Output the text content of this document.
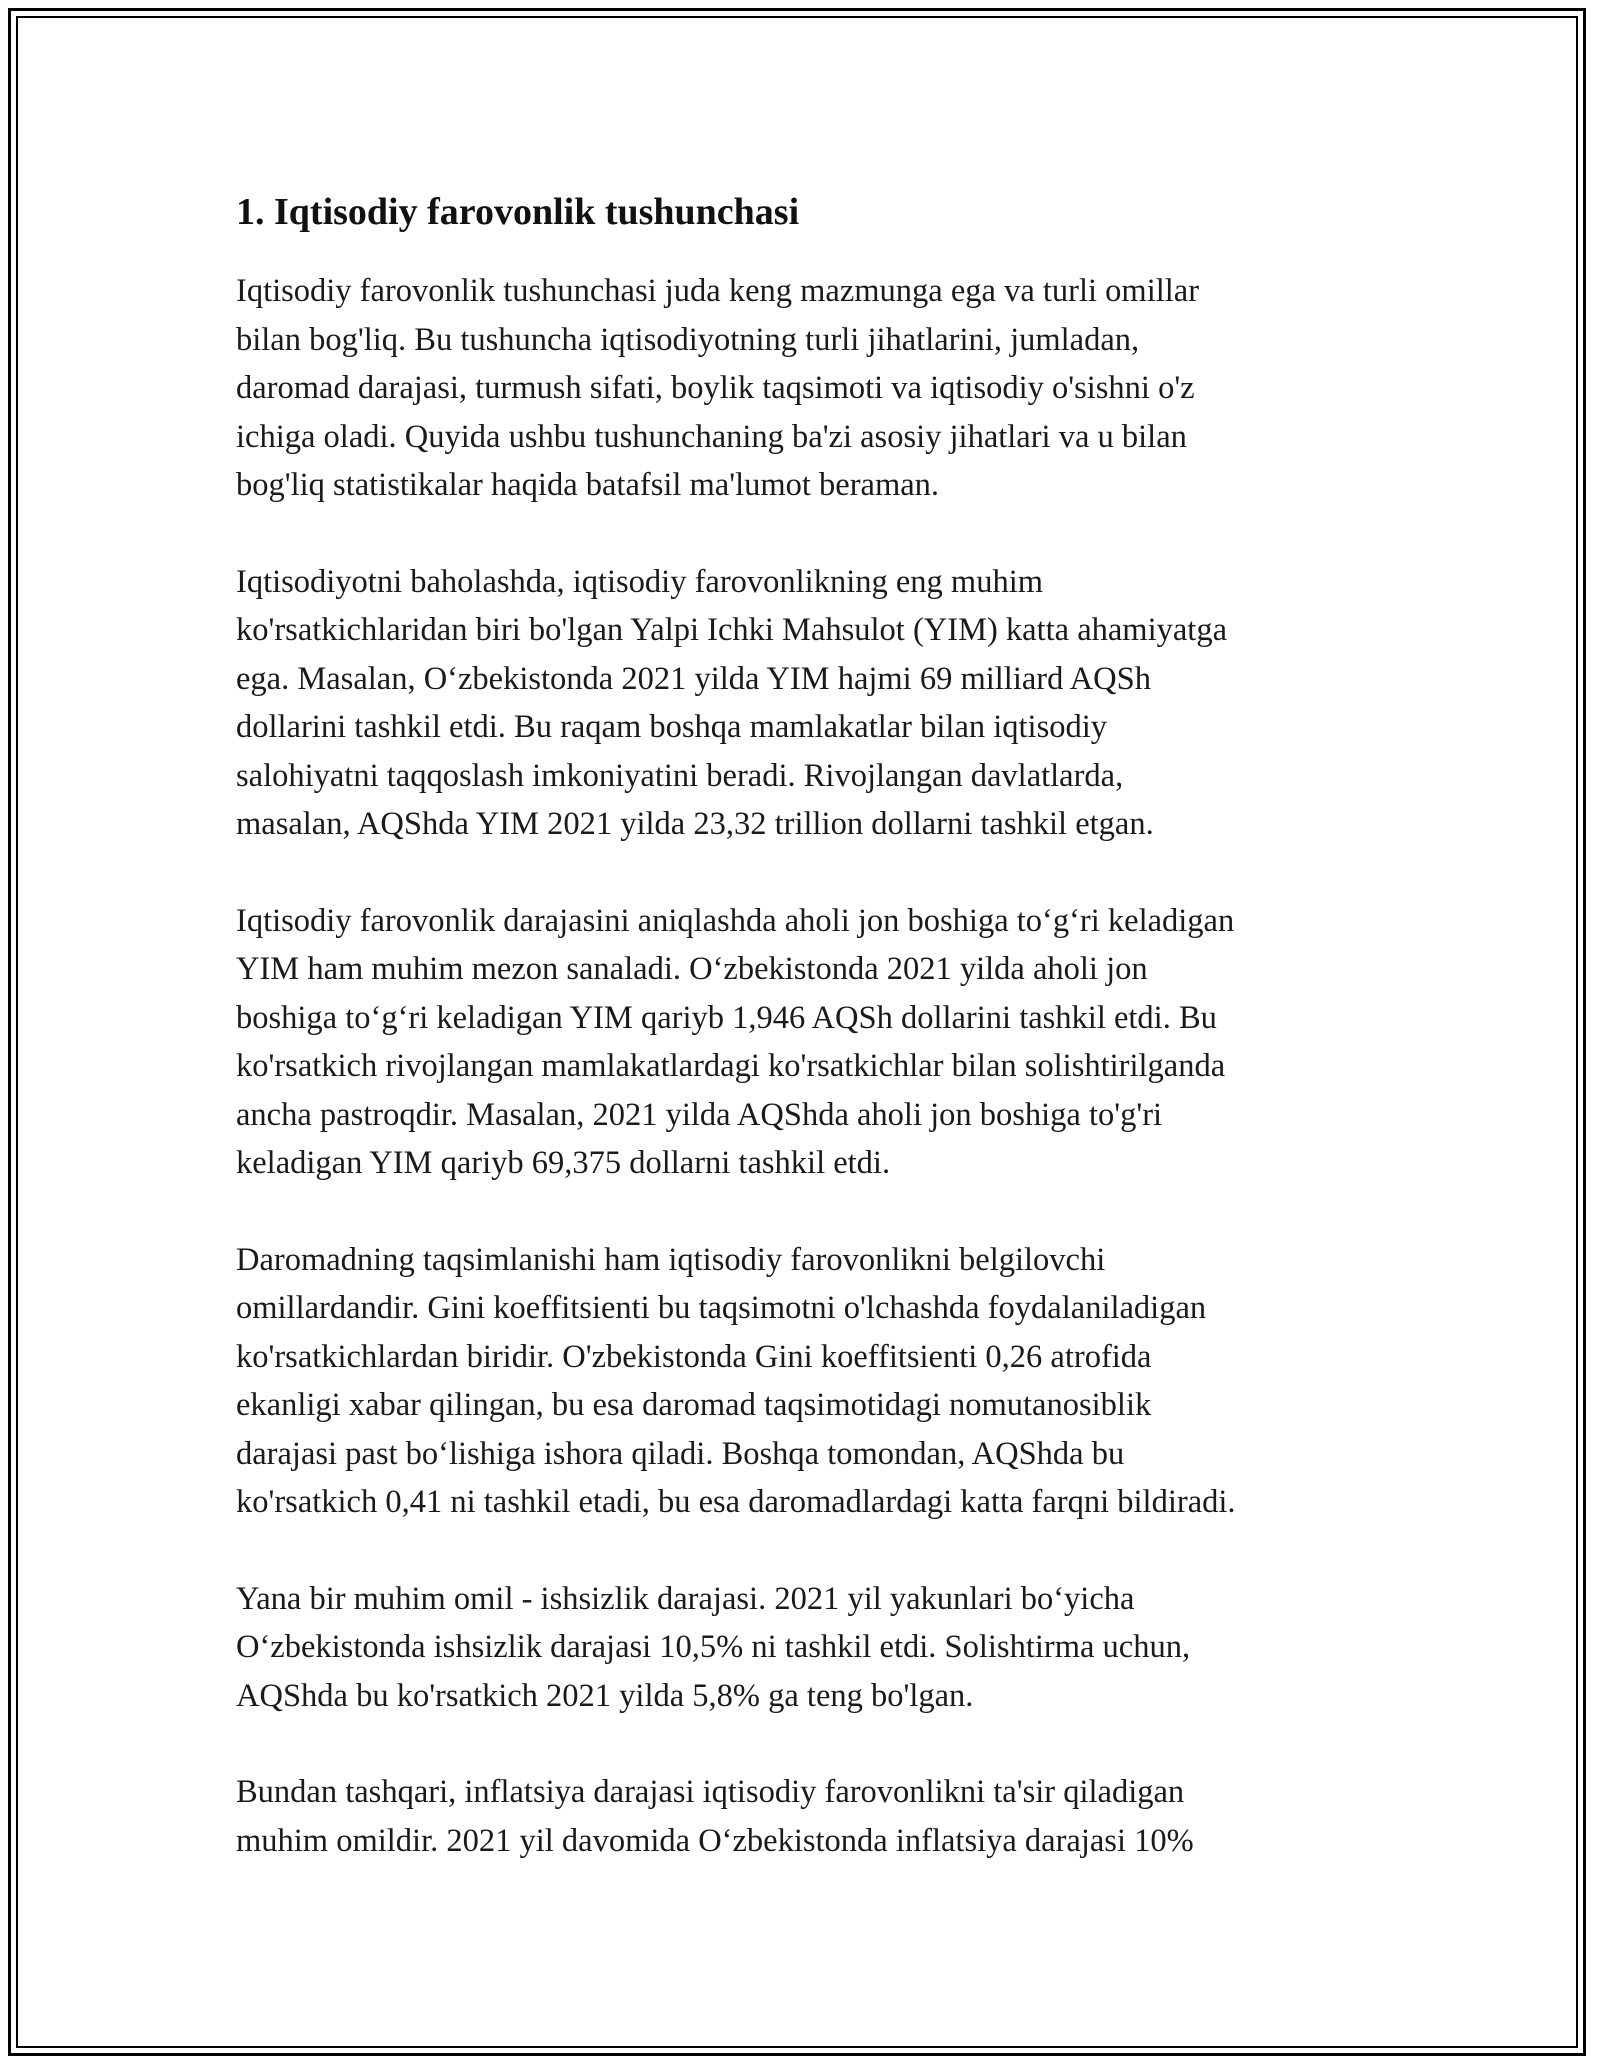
1. Iqtisodiy farovonlik tushunchasi

Iqtisodiy farovonlik tushunchasi juda keng mazmunga ega va turli omillar
bilan bog'liq. Bu tushuncha iqtisodiyotning turli jihatlarini, jumladan,
daromad darajasi, turmush sifati, boylik taqsimoti va iqtisodiy o'sishni o'z
ichiga oladi. Quyida ushbu tushunchaning ba'zi asosiy jihatlari va u bilan
bog'liq statistikalar haqida batafsil ma'lumot beraman.

Iqtisodiyotni baholashda, iqtisodiy farovonlikning eng muhim
ko'rsatkichlaridan biri bo'lgan Yalpi Ichki Mahsulot (YIM) katta ahamiyatga
ega. Masalan, O‘zbekistonda 2021 yilda YIM hajmi 69 milliard AQSh
dollarini tashkil etdi. Bu raqam boshqa mamlakatlar bilan iqtisodiy
salohiyatni taqqoslash imkoniyatini beradi. Rivojlangan davlatlarda,
masalan, AQShda YIM 2021 yilda 23,32 trillion dollarni tashkil etgan.

Iqtisodiy farovonlik darajasini aniqlashda aholi jon boshiga to‘g‘ri keladigan
YIM ham muhim mezon sanaladi. O‘zbekistonda 2021 yilda aholi jon
boshiga to‘g‘ri keladigan YIM qariyb 1,946 AQSh dollarini tashkil etdi. Bu
ko'rsatkich rivojlangan mamlakatlardagi ko'rsatkichlar bilan solishtirilganda
ancha pastroqdir. Masalan, 2021 yilda AQShda aholi jon boshiga to'g'ri
keladigan YIM qariyb 69,375 dollarni tashkil etdi.

Daromadning taqsimlanishi ham iqtisodiy farovonlikni belgilovchi
omillardandir. Gini koeffitsienti bu taqsimotni o'lchashda foydalaniladigan
ko'rsatkichlardan biridir. O'zbekistonda Gini koeffitsienti 0,26 atrofida
ekanligi xabar qilingan, bu esa daromad taqsimotidagi nomutanosiblik
darajasi past bo‘lishiga ishora qiladi. Boshqa tomondan, AQShda bu
ko'rsatkich 0,41 ni tashkil etadi, bu esa daromadlardagi katta farqni bildiradi.

Yana bir muhim omil - ishsizlik darajasi. 2021 yil yakunlari bo‘yicha
O‘zbekistonda ishsizlik darajasi 10,5% ni tashkil etdi. Solishtirma uchun,
AQShda bu ko'rsatkich 2021 yilda 5,8% ga teng bo'lgan.

Bundan tashqari, inflatsiya darajasi iqtisodiy farovonlikni ta'sir qiladigan
muhim omildir. 2021 yil davomida O‘zbekistonda inflatsiya darajasi 10%
